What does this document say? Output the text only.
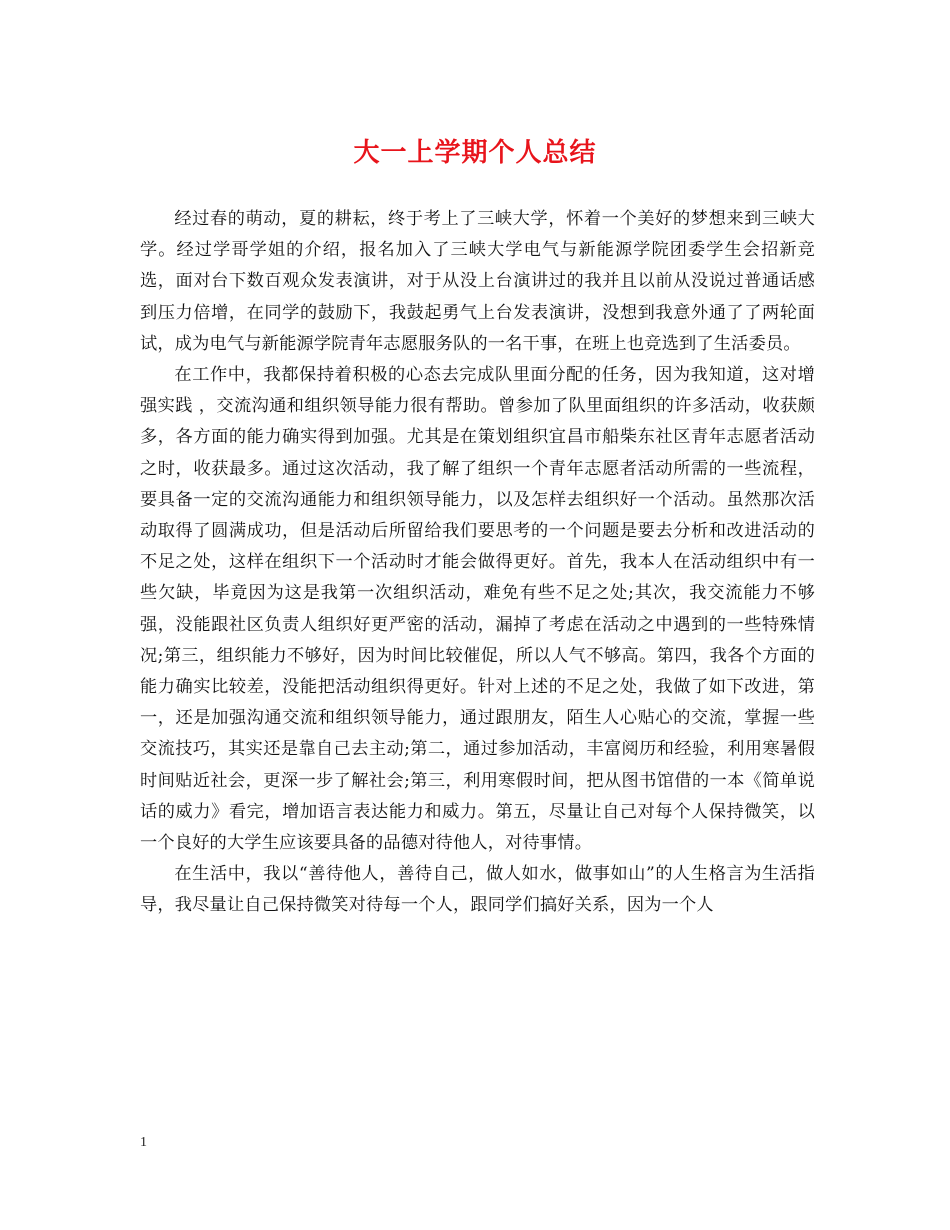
大一上学期个人总结

经过春的萌动，夏的耕耘，终于考上了三峡大学，怀着一个美好的梦想来到三峡大学。经过学哥学姐的介绍，报名加入了三峡大学电气与新能源学院团委学生会招新竞选，面对台下数百观众发表演讲，对于从没上台演讲过的我并且以前从没说过普通话感到压力倍增，在同学的鼓励下，我鼓起勇气上台发表演讲，没想到我意外通了了两轮面试，成为电气与新能源学院青年志愿服务队的一名干事，在班上也竞选到了生活委员。

在工作中，我都保持着积极的心态去完成队里面分配的任务，因为我知道，这对增强实践 ，交流沟通和组织领导能力很有帮助。曾参加了队里面组织的许多活动，收获颇多，各方面的能力确实得到加强。尤其是在策划组织宜昌市船柴东社区青年志愿者活动之时，收获最多。通过这次活动，我了解了组织一个青年志愿者活动所需的一些流程，要具备一定的交流沟通能力和组织领导能力，以及怎样去组织好一个活动。虽然那次活动取得了圆满成功，但是活动后所留给我们要思考的一个问题是要去分析和改进活动的不足之处，这样在组织下一个活动时才能会做得更好。首先，我本人在活动组织中有一些欠缺，毕竟因为这是我第一次组织活动，难免有些不足之处;其次，我交流能力不够强，没能跟社区负责人组织好更严密的活动，漏掉了考虑在活动之中遇到的一些特殊情况;第三，组织能力不够好，因为时间比较催促，所以人气不够高。第四，我各个方面的能力确实比较差，没能把活动组织得更好。针对上述的不足之处，我做了如下改进，第一，还是加强沟通交流和组织领导能力，通过跟朋友，陌生人心贴心的交流，掌握一些交流技巧，其实还是靠自己去主动;第二，通过参加活动，丰富阅历和经验，利用寒暑假时间贴近社会，更深一步了解社会;第三，利用寒假时间，把从图书馆借的一本《简单说话的威力》看完，增加语言表达能力和威力。第五，尽量让自己对每个人保持微笑，以一个良好的大学生应该要具备的品德对待他人，对待事情。

在生活中，我以“善待他人，善待自己，做人如水，做事如山”的人生格言为生活指导，我尽量让自己保持微笑对待每一个人，跟同学们搞好关系，因为一个人

1
